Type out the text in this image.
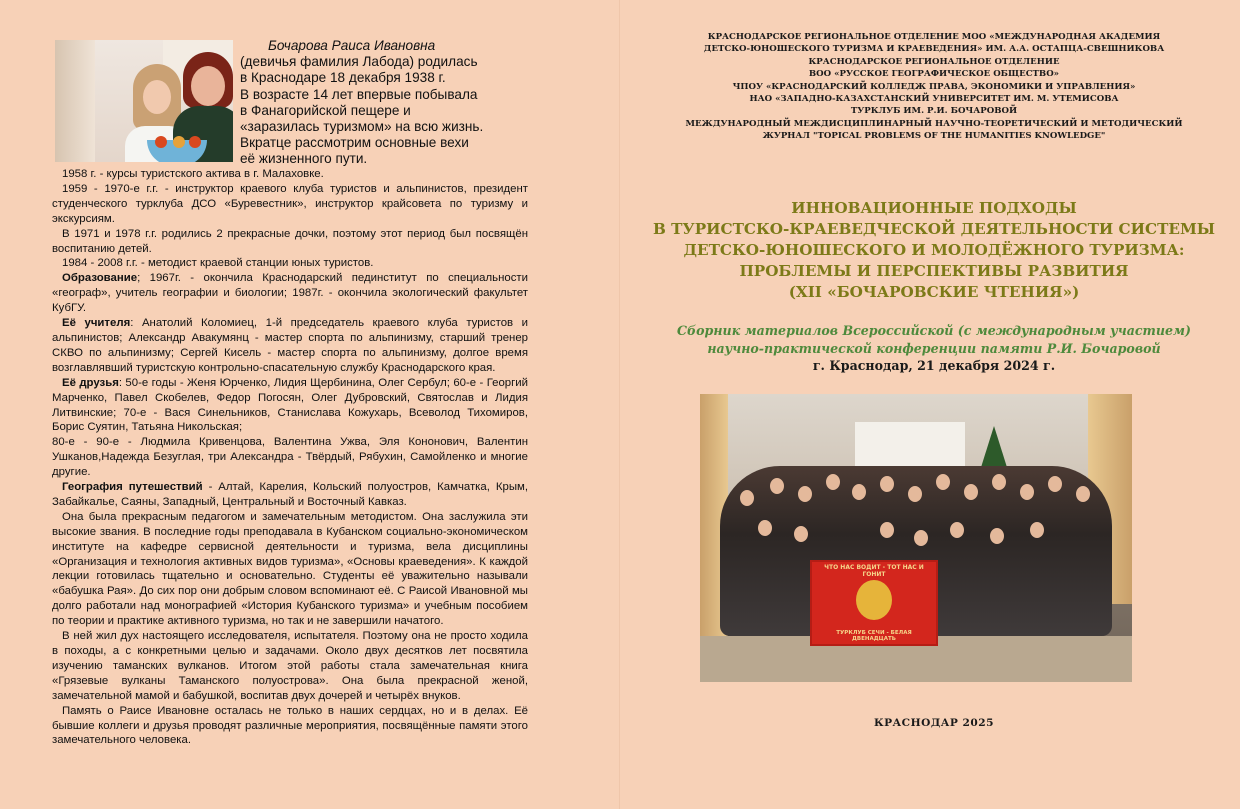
Бочарова Раиса Ивановна

(девичья фамилия Лабода) родилась

в Краснодаре 18 декабря 1938 г.

В возрасте 14 лет впервые побывала

в Фанагорийской пещере и

«заразилась туризмом» на всю жизнь.

Вкратце рассмотрим основные вехи

её жизненного пути.

1958 г. - курсы туристского актива в г. Малаховке.

1959 - 1970-е г.г. - инструктор краевого клуба туристов и альпинистов, президент студенческого турклуба ДСО «Буревестник», инструктор крайсовета по туризму и экскурсиям.

В 1971 и 1978 г.г. родились 2 прекрасные дочки, поэтому этот период был посвящён воспитанию детей.

1984 - 2008 г.г. - методист краевой станции юных туристов.

Образование; 1967г. - окончила Краснодарский пединститут по специальности «географ», учитель географии и биологии; 1987г. - окончила экологический факультет КубГУ.

Её учителя: Анатолий Коломиец, 1-й председатель краевого клуба туристов и альпинистов; Александр Авакумянц - мастер спорта по альпинизму, старший тренер СКВО по альпинизму; Сергей Кисель - мастер спорта по альпинизму, долгое время возглавлявший туристскую контрольно-спасательную службу Краснодарского края.

Её друзья: 50-е годы - Женя Юрченко, Лидия Щербинина, Олег Сербул; 60-е - Георгий Марченко, Павел Скобелев, Федор Погосян, Олег Дубровский, Святослав и Лидия Литвинские; 70-е - Вася Синельников, Станислава Кожухарь, Всеволод Тихомиров, Борис Суятин, Татьяна Никольская;

80-е - 90-е - Людмила Кривенцова, Валентина Ужва, Эля Кононович, Валентин Ушканов,Надежда Безуглая, три Александра - Твёрдый, Рябухин, Самойленко и многие другие.

География путешествий - Алтай, Карелия, Кольский полуостров, Камчатка, Крым, Забайкалье, Саяны, Западный, Центральный и Восточный Кавказ.

Она была прекрасным педагогом и замечательным методистом. Она заслужила эти высокие звания. В последние годы преподавала в Кубанском социально-экономическом институте на кафедре сервисной деятельности и туризма, вела дисциплины «Организация и технология активных видов туризма», «Основы краеведения». К каждой лекции готовилась тщательно и основательно. Студенты её уважительно называли «бабушка Рая». До сих пор они добрым словом вспоминают её. С Раисой Ивановной мы долго работали над монографией «История Кубанского туризма» и учебным пособием по теории и практике активного туризма, но так и не завершили начатого.

В ней жил дух настоящего исследователя, испытателя. Поэтому она не просто ходила в походы, а с конкретными целью и задачами. Около двух десятков лет посвятила изучению таманских вулканов. Итогом этой работы стала замечательная книга «Грязевые вулканы Таманского полуострова». Она была прекрасной женой, замечательной мамой и бабушкой, воспитав двух дочерей и четырёх внуков.

Память о Раисе Ивановне осталась не только в наших сердцах, но и в делах. Её бывшие коллеги и друзья проводят различные мероприятия, посвящённые памяти этого замечательного человека.

КРАСНОДАРСКОЕ РЕГИОНАЛЬНОЕ ОТДЕЛЕНИЕ МОО «МЕЖДУНАРОДНАЯ АКАДЕМИЯ
ДЕТСКО-ЮНОШЕСКОГО ТУРИЗМА И КРАЕВЕДЕНИЯ» ИМ. А.А. ОСТАПЦА-СВЕШНИКОВА
КРАСНОДАРСКОЕ РЕГИОНАЛЬНОЕ ОТДЕЛЕНИЕ
ВОО «РУССКОЕ ГЕОГРАФИЧЕСКОЕ ОБЩЕСТВО»
ЧПОУ «КРАСНОДАРСКИЙ КОЛЛЕДЖ ПРАВА, ЭКОНОМИКИ И УПРАВЛЕНИЯ»
НАО «ЗАПАДНО-КАЗАХСТАНСКИЙ УНИВЕРСИТЕТ ИМ. М. УТЕМИСОВА
ТУРКЛУБ ИМ. Р.И. БОЧАРОВОЙ
МЕЖДУНАРОДНЫЙ МЕЖДИСЦИПЛИНАРНЫЙ НАУЧНО-ТЕОРЕТИЧЕСКИЙ И МЕТОДИЧЕСКИЙ
ЖУРНАЛ "TOPICAL PROBLEMS OF THE HUMANITIES KNOWLEDGE"
ИННОВАЦИОННЫЕ ПОДХОДЫ
В ТУРИСТСКО-КРАЕВЕДЧЕСКОЙ ДЕЯТЕЛЬНОСТИ СИСТЕМЫ
ДЕТСКО-ЮНОШЕСКОГО И МОЛОДЁЖНОГО ТУРИЗМА:
ПРОБЛЕМЫ И ПЕРСПЕКТИВЫ РАЗВИТИЯ
(XII «БОЧАРОВСКИЕ ЧТЕНИЯ»)
Сборник материалов Всероссийской (с международным участием)
научно-практической конференции памяти Р.И. Бочаровой
г. Краснодар, 21 декабря 2024 г.
ЧТО НАС ВОДИТ - ТОТ НАС И ГОНИТ
ТУРКЛУБ СЕЧИ - БЕЛАЯ ДВЕНАДЦАТЬ
КРАСНОДАР 2025
